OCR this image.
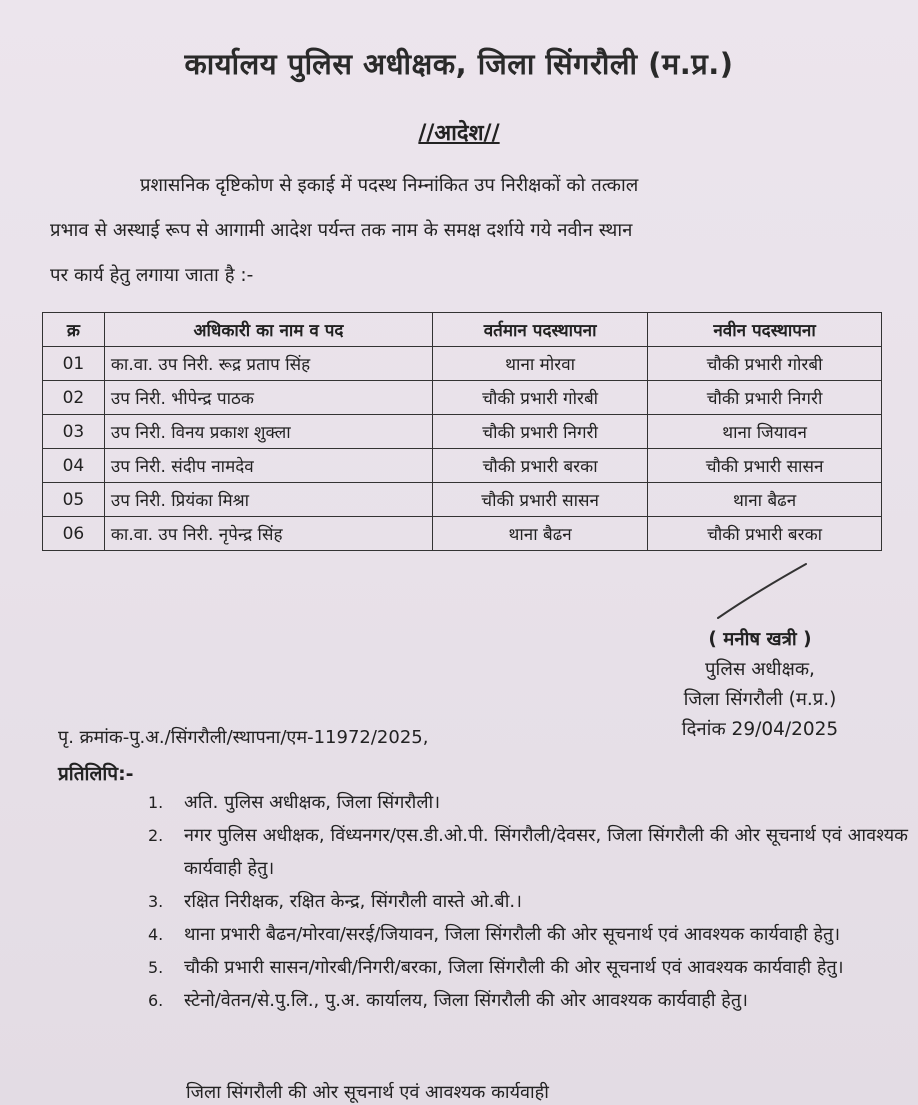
कार्यालय पुलिस अधीक्षक, जिला सिंगरौली (म.प्र.)
//आदेश//

प्रशासनिक दृष्टिकोण से इकाई में पदस्थ निम्नांकित उप निरीक्षकों को तत्काल

प्रभाव से अस्थाई रूप से आगामी आदेश पर्यन्त तक नाम के समक्ष दर्शाये गये नवीन स्थान

पर कार्य हेतु लगाया जाता है :-

क्र	अधिकारी का नाम व पद	वर्तमान पदस्थापना	नवीन पदस्थापना
01	का.वा. उप निरी. रूद्र प्रताप सिंह	थाना मोरवा	चौकी प्रभारी गोरबी
02	उप निरी. भीपेन्द्र पाठक	चौकी प्रभारी गोरबी	चौकी प्रभारी निगरी
03	उप निरी. विनय प्रकाश शुक्ला	चौकी प्रभारी निगरी	थाना जियावन
04	उप निरी. संदीप नामदेव	चौकी प्रभारी बरका	चौकी प्रभारी सासन
05	उप निरी. प्रियंका मिश्रा	चौकी प्रभारी सासन	थाना बैढन
06	का.वा. उप निरी. नृपेन्द्र सिंह	थाना बैढन	चौकी प्रभारी बरका
( मनीष खत्री )
पुलिस अधीक्षक,
जिला सिंगरौली (म.प्र.)
दिनांक 29/04/2025
पृ. क्रमांक-पु.अ./सिंगरौली/स्थापना/एम-11972/2025,
प्रतिलिपि:-
1.	अति. पुलिस अधीक्षक, जिला सिंगरौली।
2.	नगर पुलिस अधीक्षक, विंध्यनगर/एस.डी.ओ.पी. सिंगरौली/देवसर, जिला सिंगरौली की ओर सूचनार्थ एवं आवश्यक कार्यवाही हेतु।
3.	रक्षित निरीक्षक, रक्षित केन्द्र, सिंगरौली वास्ते ओ.बी.।
4.	थाना प्रभारी बैढन/मोरवा/सरई/जियावन, जिला सिंगरौली की ओर सूचनार्थ एवं आवश्यक कार्यवाही हेतु।
5.	चौकी प्रभारी सासन/गोरबी/निगरी/बरका, जिला सिंगरौली की ओर सूचनार्थ एवं आवश्यक कार्यवाही हेतु।
6.	स्टेनो/वेतन/से.पु.लि., पु.अ. कार्यालय, जिला सिंगरौली की ओर आवश्यक कार्यवाही हेतु।
जिला सिंगरौली की ओर सूचनार्थ एवं आवश्यक कार्यवाही
